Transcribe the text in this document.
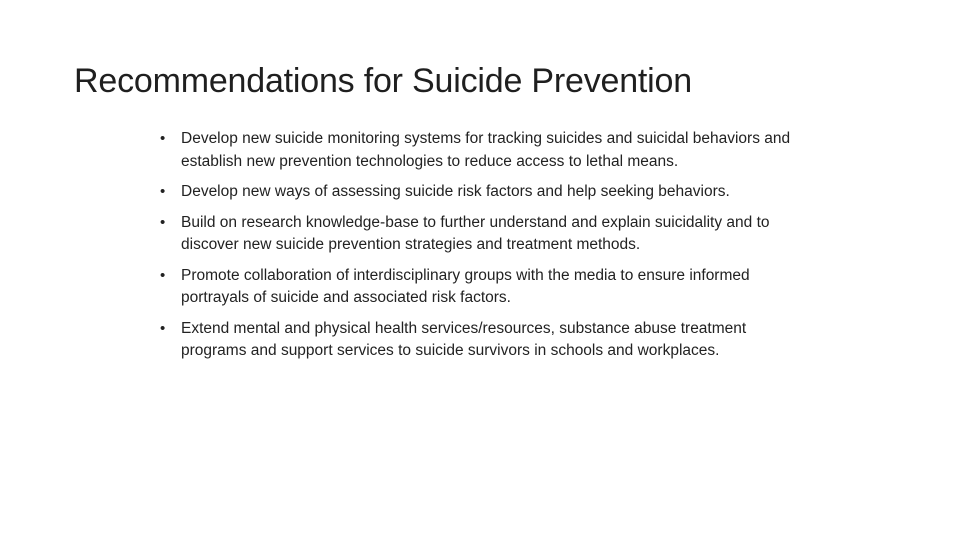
Recommendations for Suicide Prevention
•	Develop new suicide monitoring systems for tracking suicides and suicidal behaviors and establish new prevention technologies to reduce access to lethal means.
•	Develop new ways of assessing suicide risk factors and help seeking behaviors.
•	Build on research knowledge-base to further understand and explain suicidality and to discover new suicide prevention strategies and treatment methods.
•	Promote collaboration of interdisciplinary groups with the media to ensure informed portrayals of suicide and associated risk factors.
•	Extend mental and physical health services/resources, substance abuse treatment programs and support services to suicide survivors in schools and workplaces.
